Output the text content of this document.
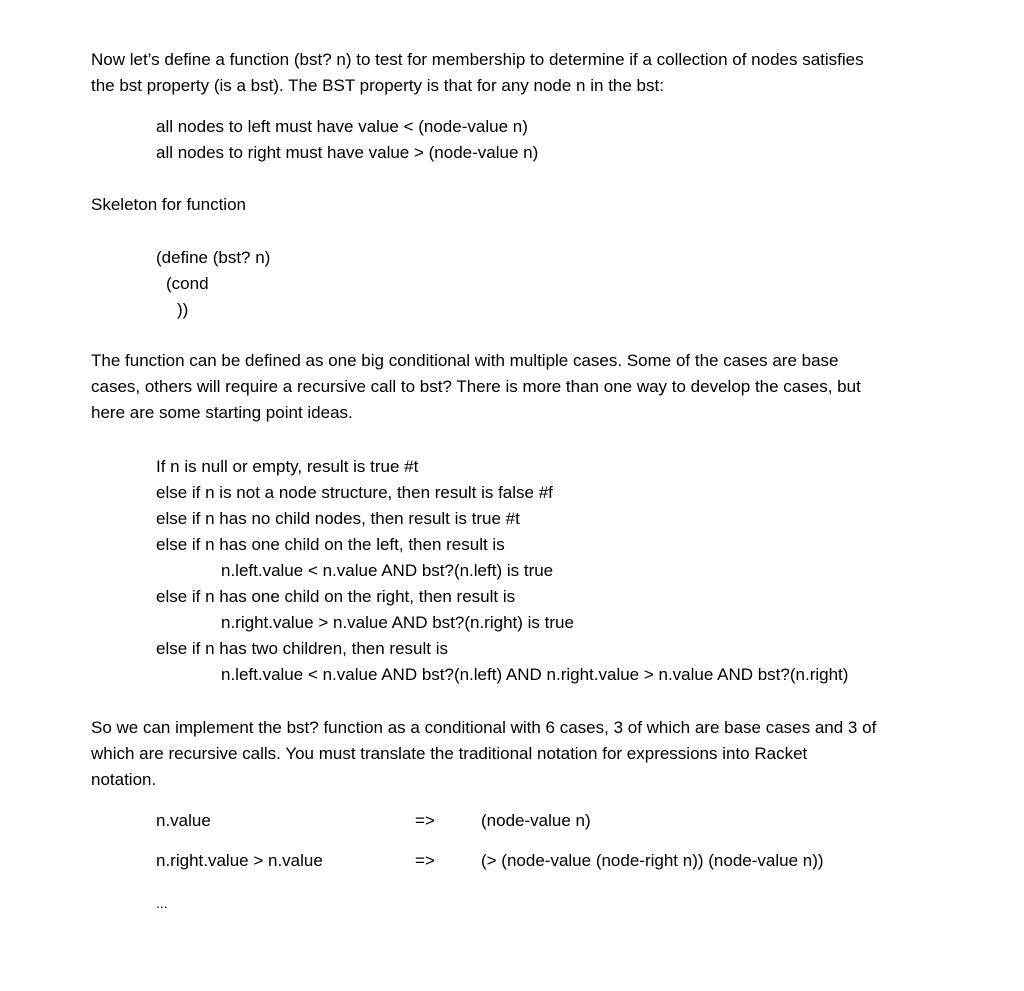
Now let’s define a function (bst? n) to test for membership to determine if a collection of nodes satisfies
the bst property (is a bst). The BST property is that for any node n in the bst:
all nodes to left must have value < (node-value n)
all nodes to right must have value > (node-value n)
Skeleton for function
(define (bst? n)
(cond
))
The function can be defined as one big conditional with multiple cases. Some of the cases are base
cases, others will require a recursive call to bst? There is more than one way to develop the cases, but
here are some starting point ideas.
If n is null or empty, result is true #t
else if n is not a node structure, then result is false #f
else if n has no child nodes, then result is true #t
else if n has one child on the left, then result is
n.left.value < n.value AND bst?(n.left) is true
else if n has one child on the right, then result is
n.right.value > n.value AND bst?(n.right) is true
else if n has two children, then result is
n.left.value < n.value AND bst?(n.left) AND n.right.value > n.value AND bst?(n.right)
So we can implement the bst? function as a conditional with 6 cases, 3 of which are base cases and 3 of
which are recursive calls. You must translate the traditional notation for expressions into Racket
notation.
n.value	=>	(node-value n)
n.right.value > n.value	=>	(> (node-value (node-right n)) (node-value n))
...
